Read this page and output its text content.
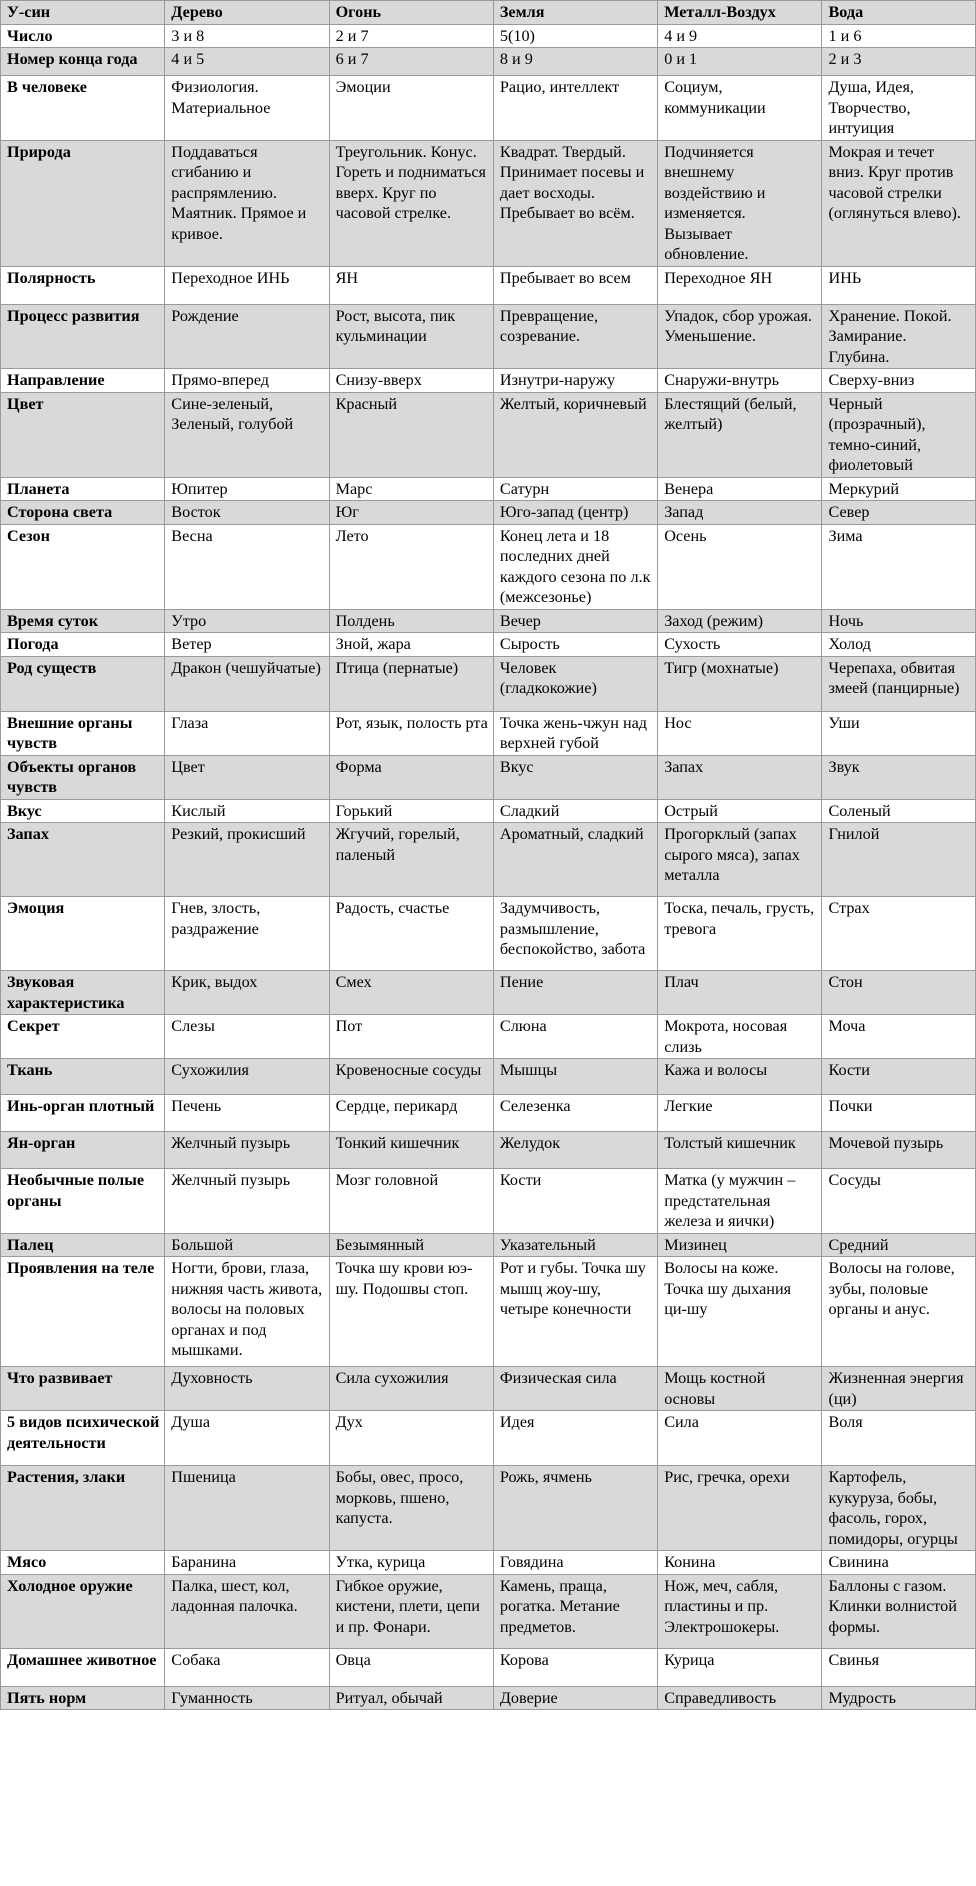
У-син	Дерево	Огонь	Земля	Металл-Воздух	Вода
Число	3 и 8	2 и 7	5(10)	4 и 9	1 и 6
Номер конца года	4 и 5	6 и 7	8 и 9	0 и 1	2 и 3
В человеке	Физиология. Материальное	Эмоции	Рацио, интеллект	Социум, коммуникации	Душа, Идея, Творчество, интуиция
Природа	Поддаваться сгибанию и распрямлению. Маятник. Прямое и кривое.	Треугольник. Конус. Гореть и подниматься вверх. Круг по часовой стрелке.	Квадрат. Твердый. Принимает посевы и дает восходы. Пребывает во всём.	Подчиняется внешнему воздействию и изменяется. Вызывает обновление.	Мокрая и течет вниз. Круг против часовой стрелки (оглянуться влево).
Полярность	Переходное ИНЬ	ЯН	Пребывает во всем	Переходное ЯН	ИНЬ
Процесс развития	Рождение	Рост, высота, пик кульминации	Превращение, созревание.	Упадок, сбор урожая. Уменьшение.	Хранение. Покой. Замирание. Глубина.
Направление	Прямо-вперед	Снизу-вверх	Изнутри-наружу	Снаружи-внутрь	Сверху-вниз
Цвет	Сине-зеленый, Зеленый, голубой	Красный	Желтый, коричневый	Блестящий (белый, желтый)	Черный (прозрачный), темно-синий, фиолетовый
Планета	Юпитер	Марс	Сатурн	Венера	Меркурий
Сторона света	Восток	Юг	Юго-запад (центр)	Запад	Север
Сезон	Весна	Лето	Конец лета и 18 последних дней каждого сезона по л.к (межсезонье)	Осень	Зима
Время суток	Утро	Полдень	Вечер	Заход (режим)	Ночь
Погода	Ветер	Зной, жара	Сырость	Сухость	Холод
Род существ	Дракон (чешуйчатые)	Птица (пернатые)	Человек (гладкокожие)	Тигр (мохнатые)	Черепаха, обвитая змеей (панцирные)
Внешние органы чувств	Глаза	Рот, язык, полость рта	Точка жень-чжун над верхней губой	Нос	Уши
Объекты органов чувств	Цвет	Форма	Вкус	Запах	Звук
Вкус	Кислый	Горький	Сладкий	Острый	Соленый
Запах	Резкий, прокисший	Жгучий, горелый, паленый	Ароматный, сладкий	Прогорклый (запах сырого мяса), запах металла	Гнилой
Эмоция	Гнев, злость, раздражение	Радость, счастье	Задумчивость, размышление, беспокойство, забота	Тоска, печаль, грусть, тревога	Страх
Звуковая характеристика	Крик, выдох	Смех	Пение	Плач	Стон
Секрет	Слезы	Пот	Слюна	Мокрота, носовая слизь	Моча
Ткань	Сухожилия	Кровеносные сосуды	Мышцы	Кажа и волосы	Кости
Инь-орган плотный	Печень	Сердце, перикард	Селезенка	Легкие	Почки
Ян-орган	Желчный пузырь	Тонкий кишечник	Желудок	Толстый кишечник	Мочевой пузырь
Необычные полые органы	Желчный пузырь	Мозг головной	Кости	Матка (у мужчин – предстательная железа и яички)	Сосуды
Палец	Большой	Безымянный	Указательный	Мизинец	Средний
Проявления на теле	Ногти, брови, глаза, нижняя часть живота, волосы на половых органах и под мышками.	Точка шу крови юэ-шу. Подошвы стоп.	Рот и губы. Точка шу мышц жоу-шу, четыре конечности	Волосы на коже. Точка шу дыхания ци-шу	Волосы на голове, зубы, половые органы и анус.
Что развивает	Духовность	Сила сухожилия	Физическая сила	Мощь костной основы	Жизненная энергия (ци)
5 видов психической деятельности	Душа	Дух	Идея	Сила	Воля
Растения, злаки	Пшеница	Бобы, овес, просо, морковь, пшено, капуста.	Рожь, ячмень	Рис, гречка, орехи	Картофель, кукуруза, бобы, фасоль, горох, помидоры, огурцы
Мясо	Баранина	Утка, курица	Говядина	Конина	Свинина
Холодное оружие	Палка, шест, кол, ладонная палочка.	Гибкое оружие, кистени, плети, цепи и пр. Фонари.	Камень, праща, рогатка. Метание предметов.	Нож, меч, сабля, пластины и пр. Электрошокеры.	Баллоны с газом. Клинки волнистой формы.
Домашнее животное	Собака	Овца	Корова	Курица	Свинья
Пять норм	Гуманность	Ритуал, обычай	Доверие	Справедливость	Мудрость
